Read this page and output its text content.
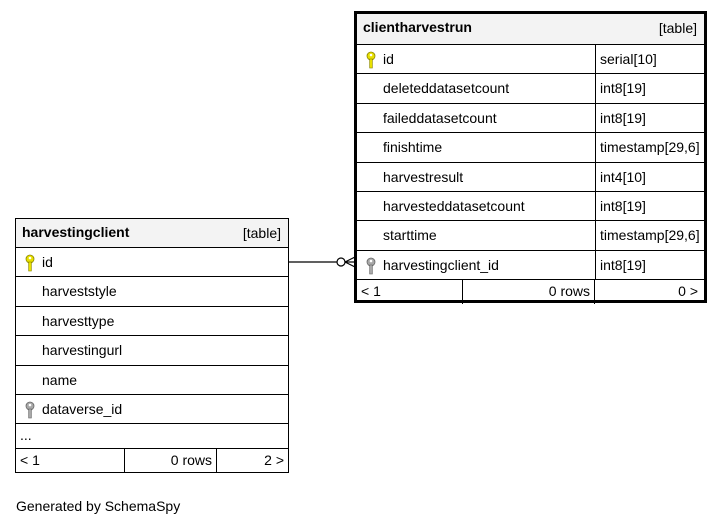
clientharvestrun	[table]
id	serial[10]
deleteddatasetcount	int8[19]
faileddatasetcount	int8[19]
finishtime	timestamp[29,6]
harvestresult	int4[10]
harvesteddatasetcount	int8[19]
starttime	timestamp[29,6]
harvestingclient_id	int8[19]
< 1	0 rows	0 >
harvestingclient	[table]
id
harveststyle
harvesttype
harvestingurl
name
dataverse_id
...
< 1	0 rows	2 >
Generated by SchemaSpy
